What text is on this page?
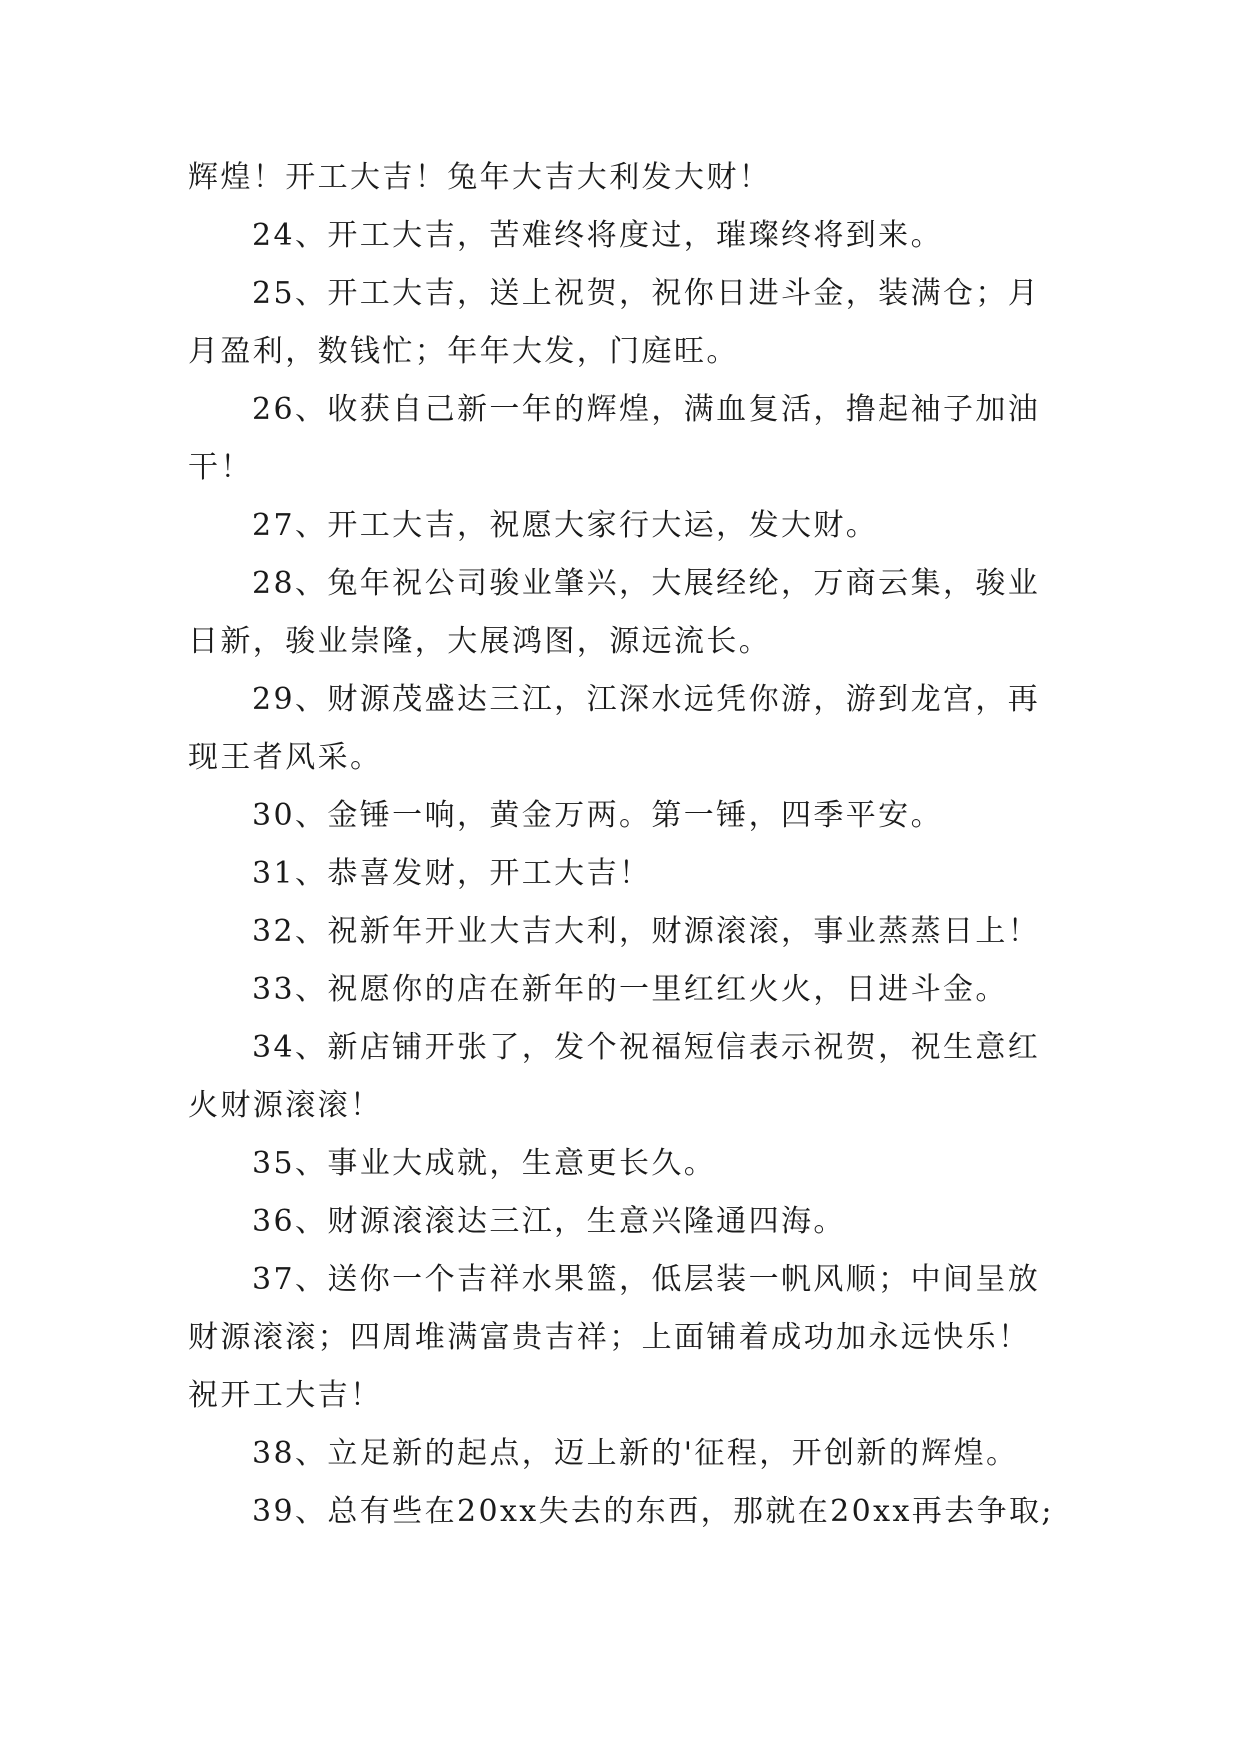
辉煌！开工大吉！兔年大吉大利发大财！
24、开工大吉，苦难终将度过，璀璨终将到来。
25、开工大吉，送上祝贺，祝你日进斗金，装满仓；月
月盈利，数钱忙；年年大发，门庭旺。
26、收获自己新一年的辉煌，满血复活，撸起袖子加油
干！
27、开工大吉，祝愿大家行大运，发大财。
28、兔年祝公司骏业肇兴，大展经纶，万商云集，骏业
日新，骏业崇隆，大展鸿图，源远流长。
29、财源茂盛达三江，江深水远凭你游，游到龙宫，再
现王者风采。
30、金锤一响，黄金万两。第一锤，四季平安。
31、恭喜发财，开工大吉！
32、祝新年开业大吉大利，财源滚滚，事业蒸蒸日上！
33、祝愿你的店在新年的一里红红火火，日进斗金。
34、新店铺开张了，发个祝福短信表示祝贺，祝生意红
火财源滚滚！
35、事业大成就，生意更长久。
36、财源滚滚达三江，生意兴隆通四海。
37、送你一个吉祥水果篮，低层装一帆风顺；中间呈放
财源滚滚；四周堆满富贵吉祥；上面铺着成功加永远快乐！
祝开工大吉！
38、立足新的起点，迈上新的'征程，开创新的辉煌。
39、总有些在20xx失去的东西，那就在20xx再去争取;
